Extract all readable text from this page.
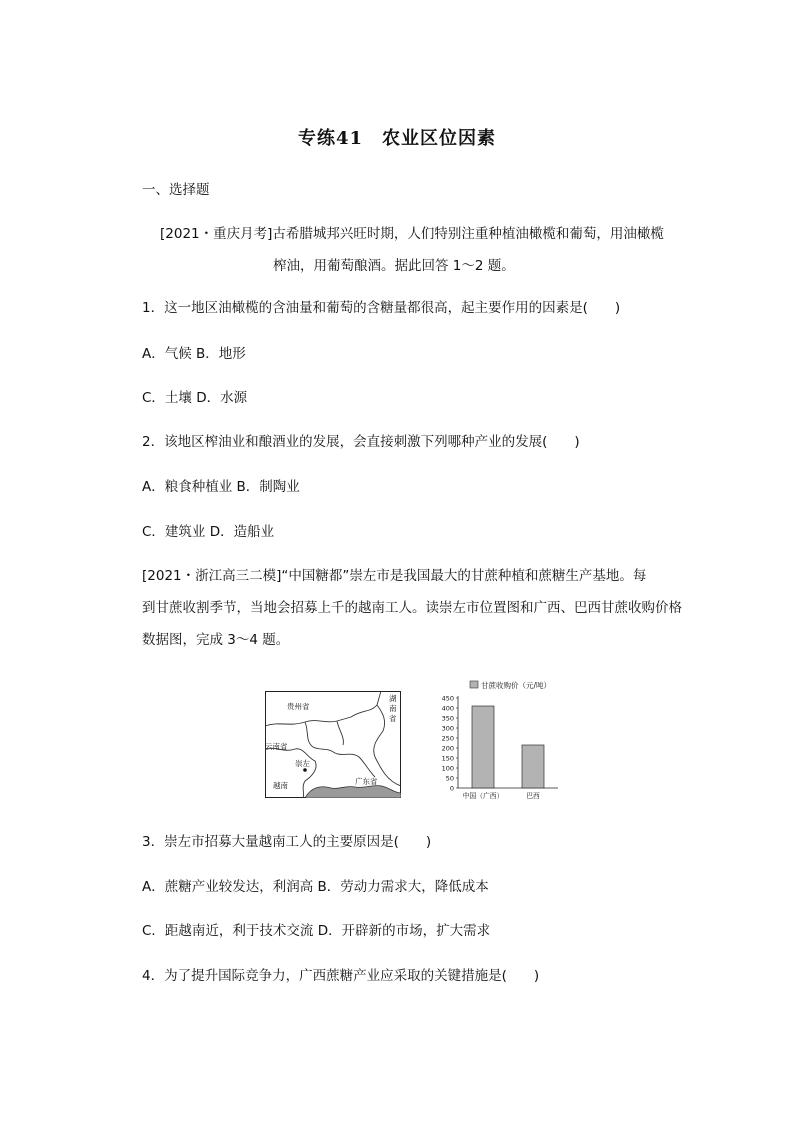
专练41　农业区位因素
一、选择题
[2021・重庆月考]古希腊城邦兴旺时期，人们特别注重种植油橄榄和葡萄，用油橄榄
榨油，用葡萄酿酒。据此回答 1～2 题。
1．这一地区油橄榄的含油量和葡萄的含糖量都很高，起主要作用的因素是(　　)
A．气候 B．地形
C．土壤 D．水源
2．该地区榨油业和酿酒业的发展，会直接刺激下列哪种产业的发展(　　)
A．粮食种植业 B．制陶业
C．建筑业 D．造船业
[2021・浙江高三二模]“中国糖都”崇左市是我国最大的甘蔗种植和蔗糖生产基地。每
到甘蔗收割季节，当地会招募上千的越南工人。读崇左市位置图和广西、巴西甘蔗收购价格
数据图，完成 3～4 题。
贵州省
云南省
崇左
越南	广东省
湖
南
省
甘蔗收购价（元/吨）
0
50
100
150
200
250
300
350
400
450
中国（广西）	巴西
3．崇左市招募大量越南工人的主要原因是(　　)
A．蔗糖产业较发达，利润高 B．劳动力需求大，降低成本
C．距越南近，利于技术交流 D．开辟新的市场，扩大需求
4．为了提升国际竞争力，广西蔗糖产业应采取的关键措施是(　　)
